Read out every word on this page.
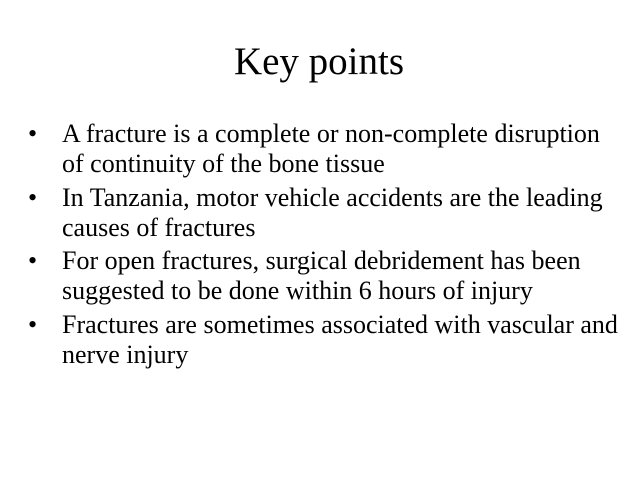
Key points
• A fracture is a complete or non-complete disruption of continuity of the bone tissue
• In Tanzania, motor vehicle accidents are the leading causes of fractures
• For open fractures, surgical debridement has been suggested to be done within 6 hours of injury
• Fractures are sometimes associated with vascular and nerve injury
